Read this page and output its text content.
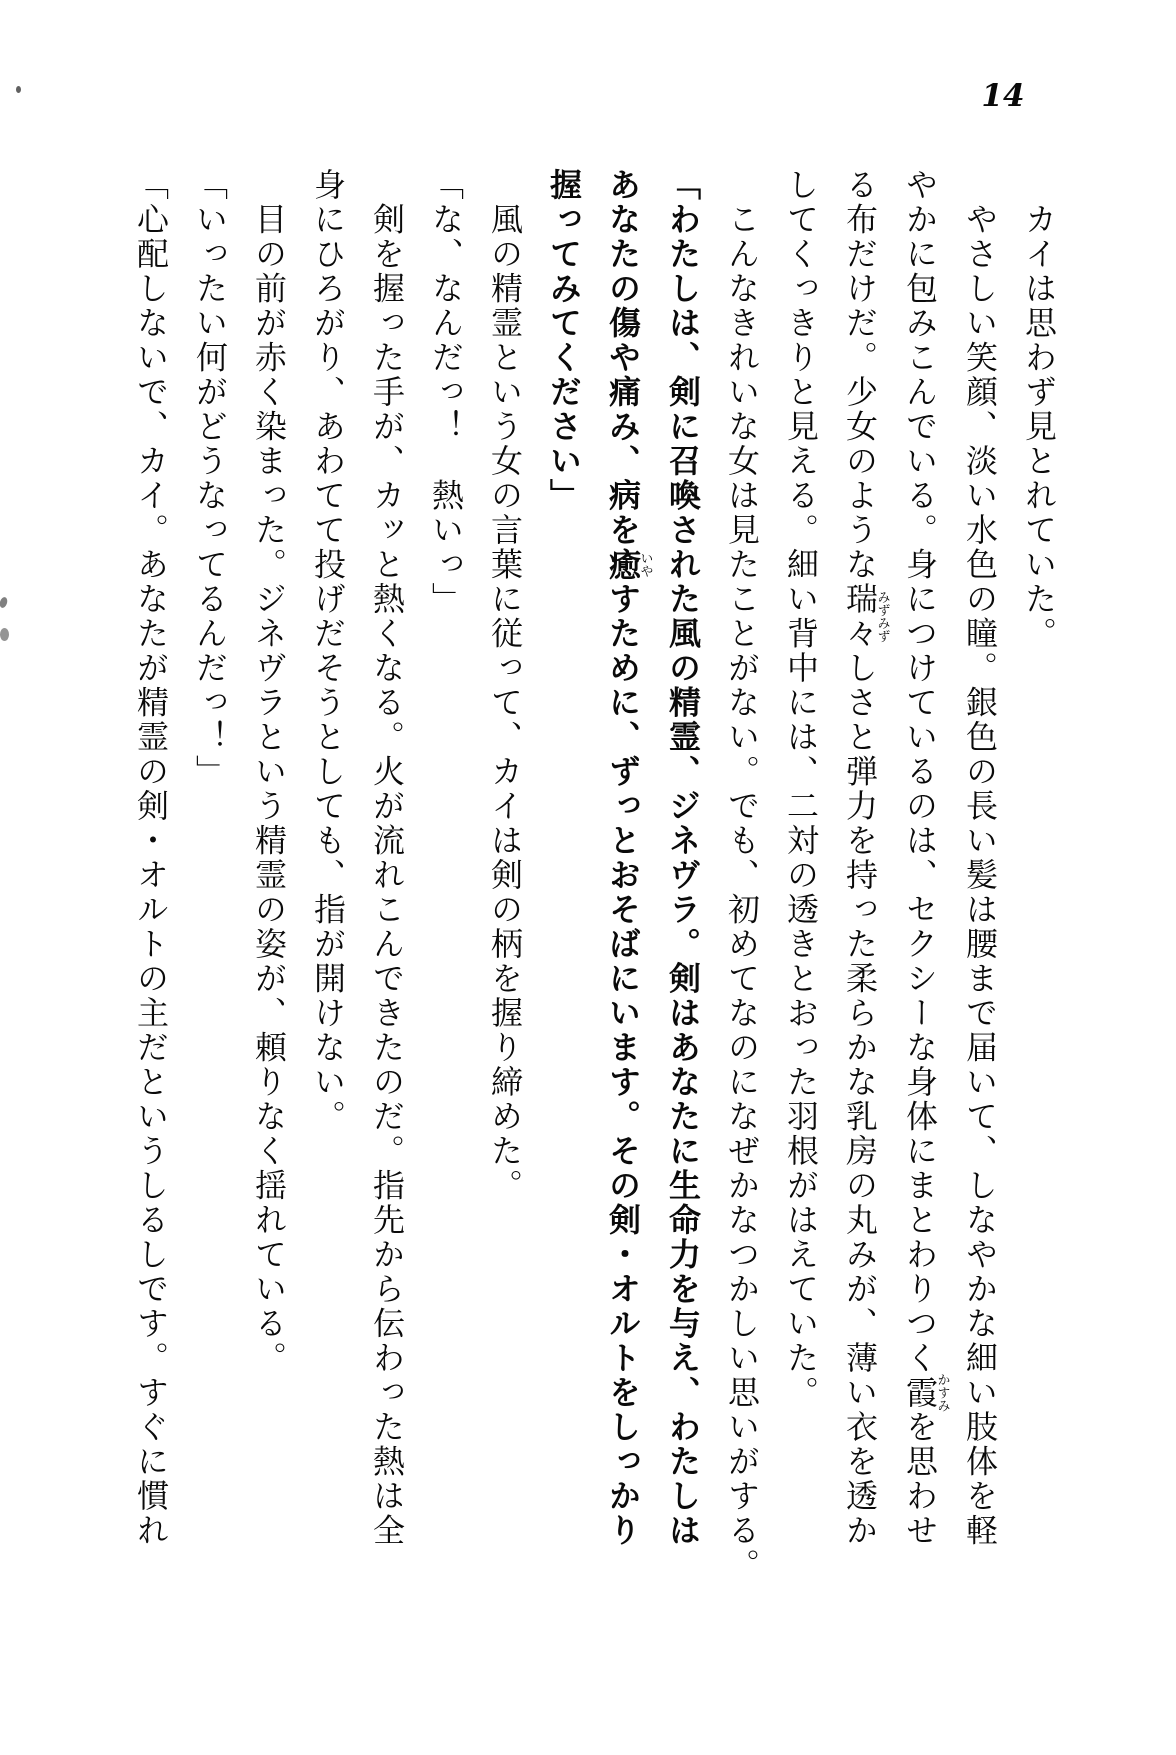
14
　カイは思わず見とれていた。
　やさしい笑顔、淡い水色の瞳。銀色の長い髪は腰まで届いて、しなやかな細い肢体を軽
やかに包みこんでいる。身につけているのは、セクシーな身体にまとわりつく霞かすみを思わせ
る布だけだ。少女のような瑞々みずみずしさと弾力を持った柔らかな乳房の丸みが、薄い衣を透か
してくっきりと見える。細い背中には、二対の透きとおった羽根がはえていた。
　こんなきれいな女は見たことがない。でも、初めてなのになぜかなつかしい思いがする。
「わたしは、剣に召喚された風の精霊、ジネヴラ。剣はあなたに生命力を与え、わたしは
あなたの傷や痛み、病を癒いやすために、ずっとおそばにいます。その剣・オルトをしっかり
握ってみてください」
　風の精霊という女の言葉に従って、カイは剣の柄を握り締めた。
「な、なんだっ！　熱いっ」
　剣を握った手が、カッと熱くなる。火が流れこんできたのだ。指先から伝わった熱は全
身にひろがり、あわてて投げだそうとしても、指が開けない。
　目の前が赤く染まった。ジネヴラという精霊の姿が、頼りなく揺れている。
「いったい何がどうなってるんだっ！」
「心配しないで、カイ。あなたが精霊の剣・オルトの主だというしるしです。すぐに慣れ
